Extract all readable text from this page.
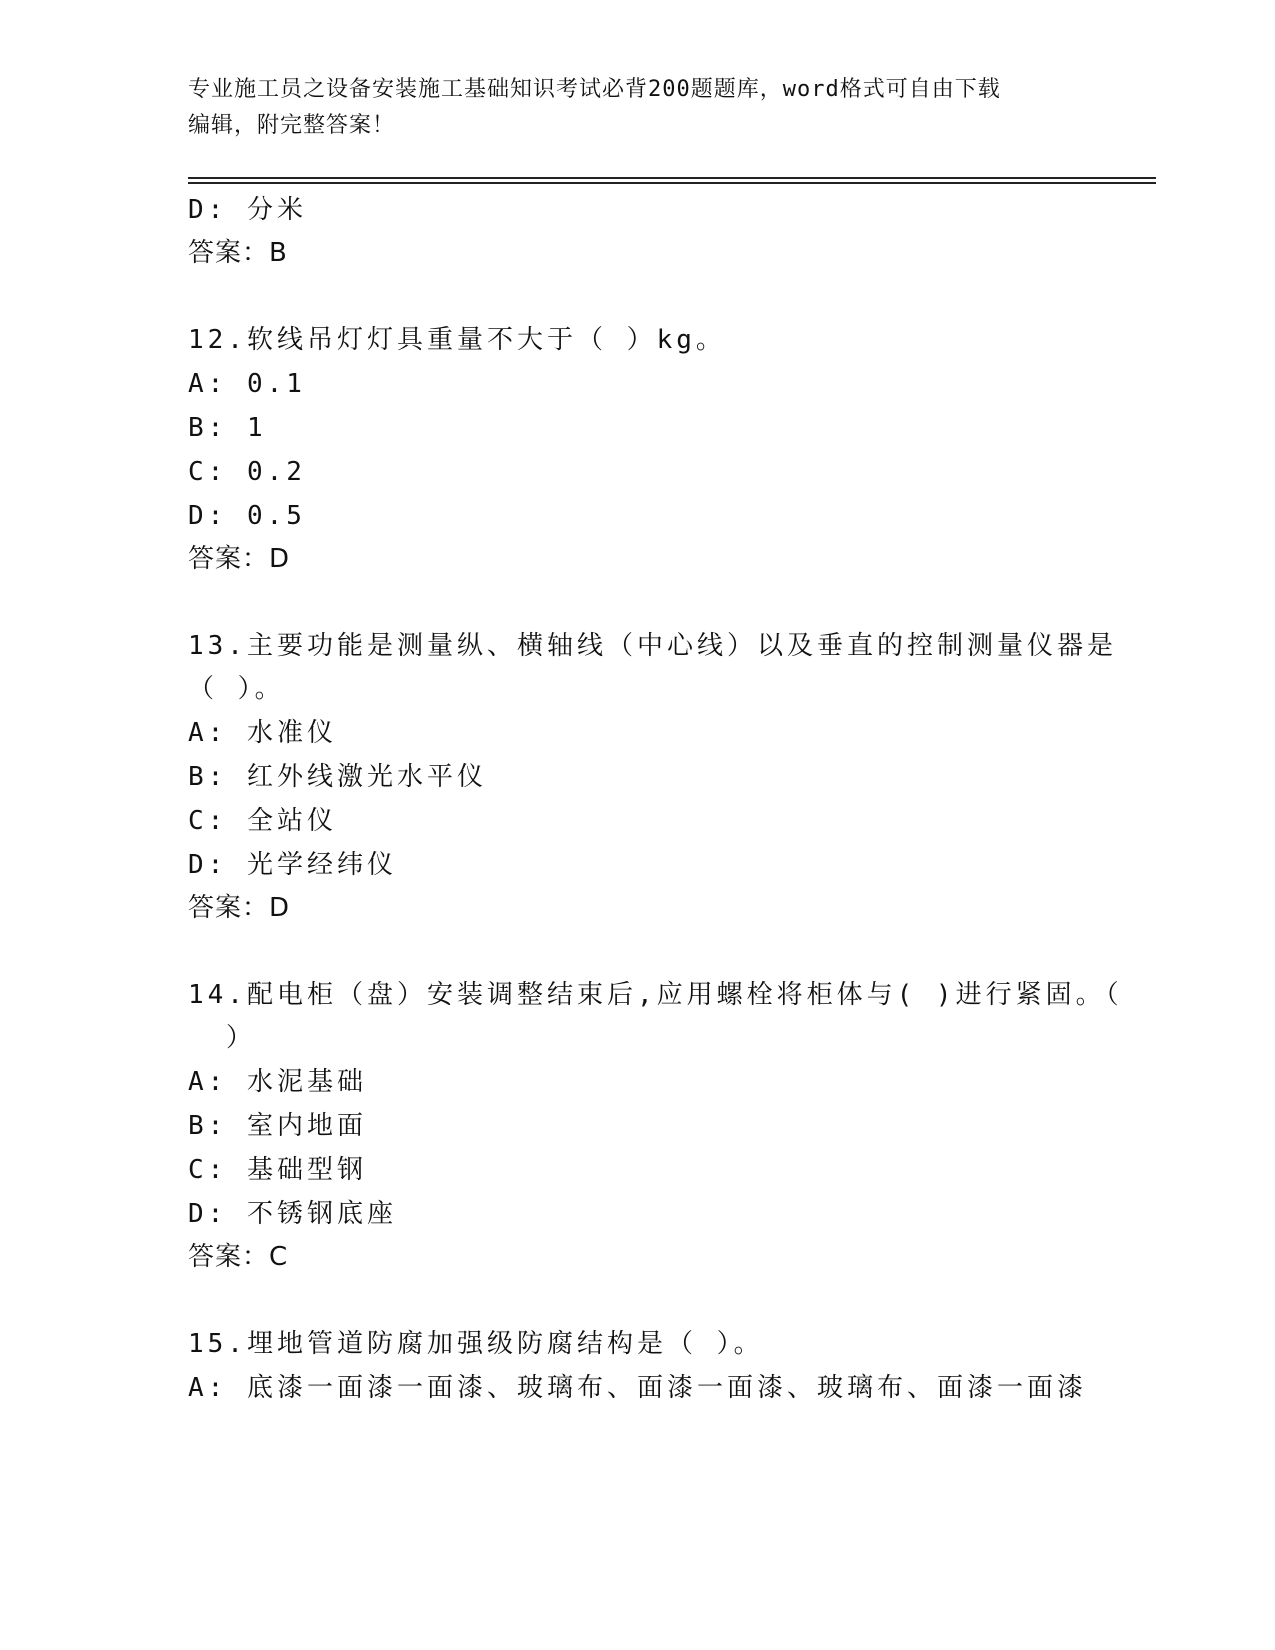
专业施工员之设备安装施工基础知识考试必背200题题库，word格式可自由下载
编辑，附完整答案！
D: 分米
答案：B
12.软线吊灯灯具重量不大于（ ）kg。
A: 0.1
B: 1
C: 0.2
D: 0.5
答案：D
13.主要功能是测量纵、横轴线（中心线）以及垂直的控制测量仪器是
（ ）。
A: 水准仪
B: 红外线激光水平仪
C: 全站仪
D: 光学经纬仪
答案：D
14.配电柜（盘）安装调整结束后,应用螺栓将柜体与( )进行紧固。（
）
A: 水泥基础
B: 室内地面
C: 基础型钢
D: 不锈钢底座
答案：C
15.埋地管道防腐加强级防腐结构是（ ）。
A: 底漆一面漆一面漆、玻璃布、面漆一面漆、玻璃布、面漆一面漆
